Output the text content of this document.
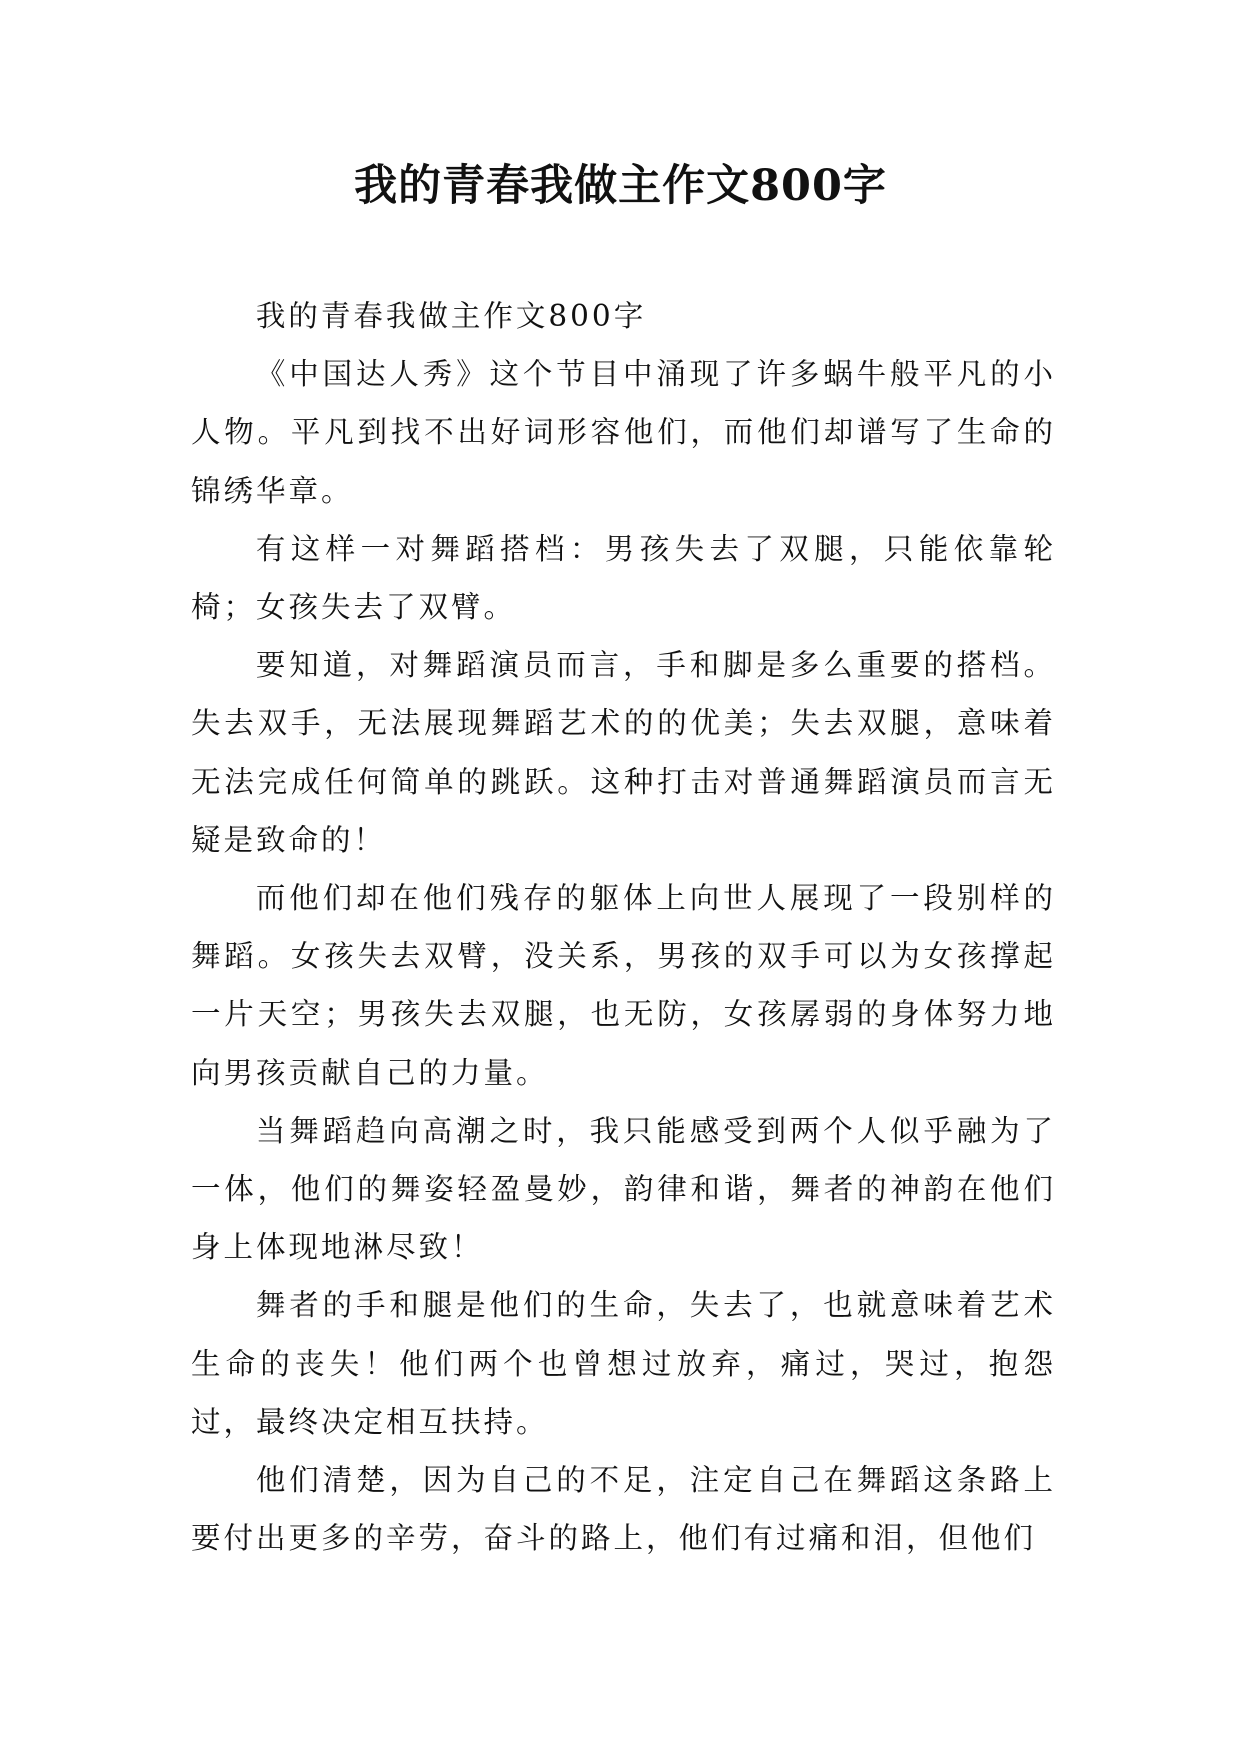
我的青春我做主作文800字

我的青春我做主作文800字

《中国达人秀》这个节目中涌现了许多蜗牛般平凡的小人物。平凡到找不出好词形容他们，而他们却谱写了生命的锦绣华章。

有这样一对舞蹈搭档：男孩失去了双腿，只能依靠轮椅；女孩失去了双臂。

要知道，对舞蹈演员而言，手和脚是多么重要的搭档。失去双手，无法展现舞蹈艺术的的优美；失去双腿，意味着无法完成任何简单的跳跃。这种打击对普通舞蹈演员而言无疑是致命的！

而他们却在他们残存的躯体上向世人展现了一段别样的舞蹈。女孩失去双臂，没关系，男孩的双手可以为女孩撑起一片天空；男孩失去双腿，也无防，女孩孱弱的身体努力地向男孩贡献自己的力量。

当舞蹈趋向高潮之时，我只能感受到两个人似乎融为了一体，他们的舞姿轻盈曼妙，韵律和谐，舞者的神韵在他们身上体现地淋尽致！

舞者的手和腿是他们的生命，失去了，也就意味着艺术生命的丧失！他们两个也曾想过放弃，痛过，哭过，抱怨过，最终决定相互扶持。

他们清楚，因为自己的不足，注定自己在舞蹈这条路上要付出更多的辛劳，奋斗的路上，他们有过痛和泪，但他们
